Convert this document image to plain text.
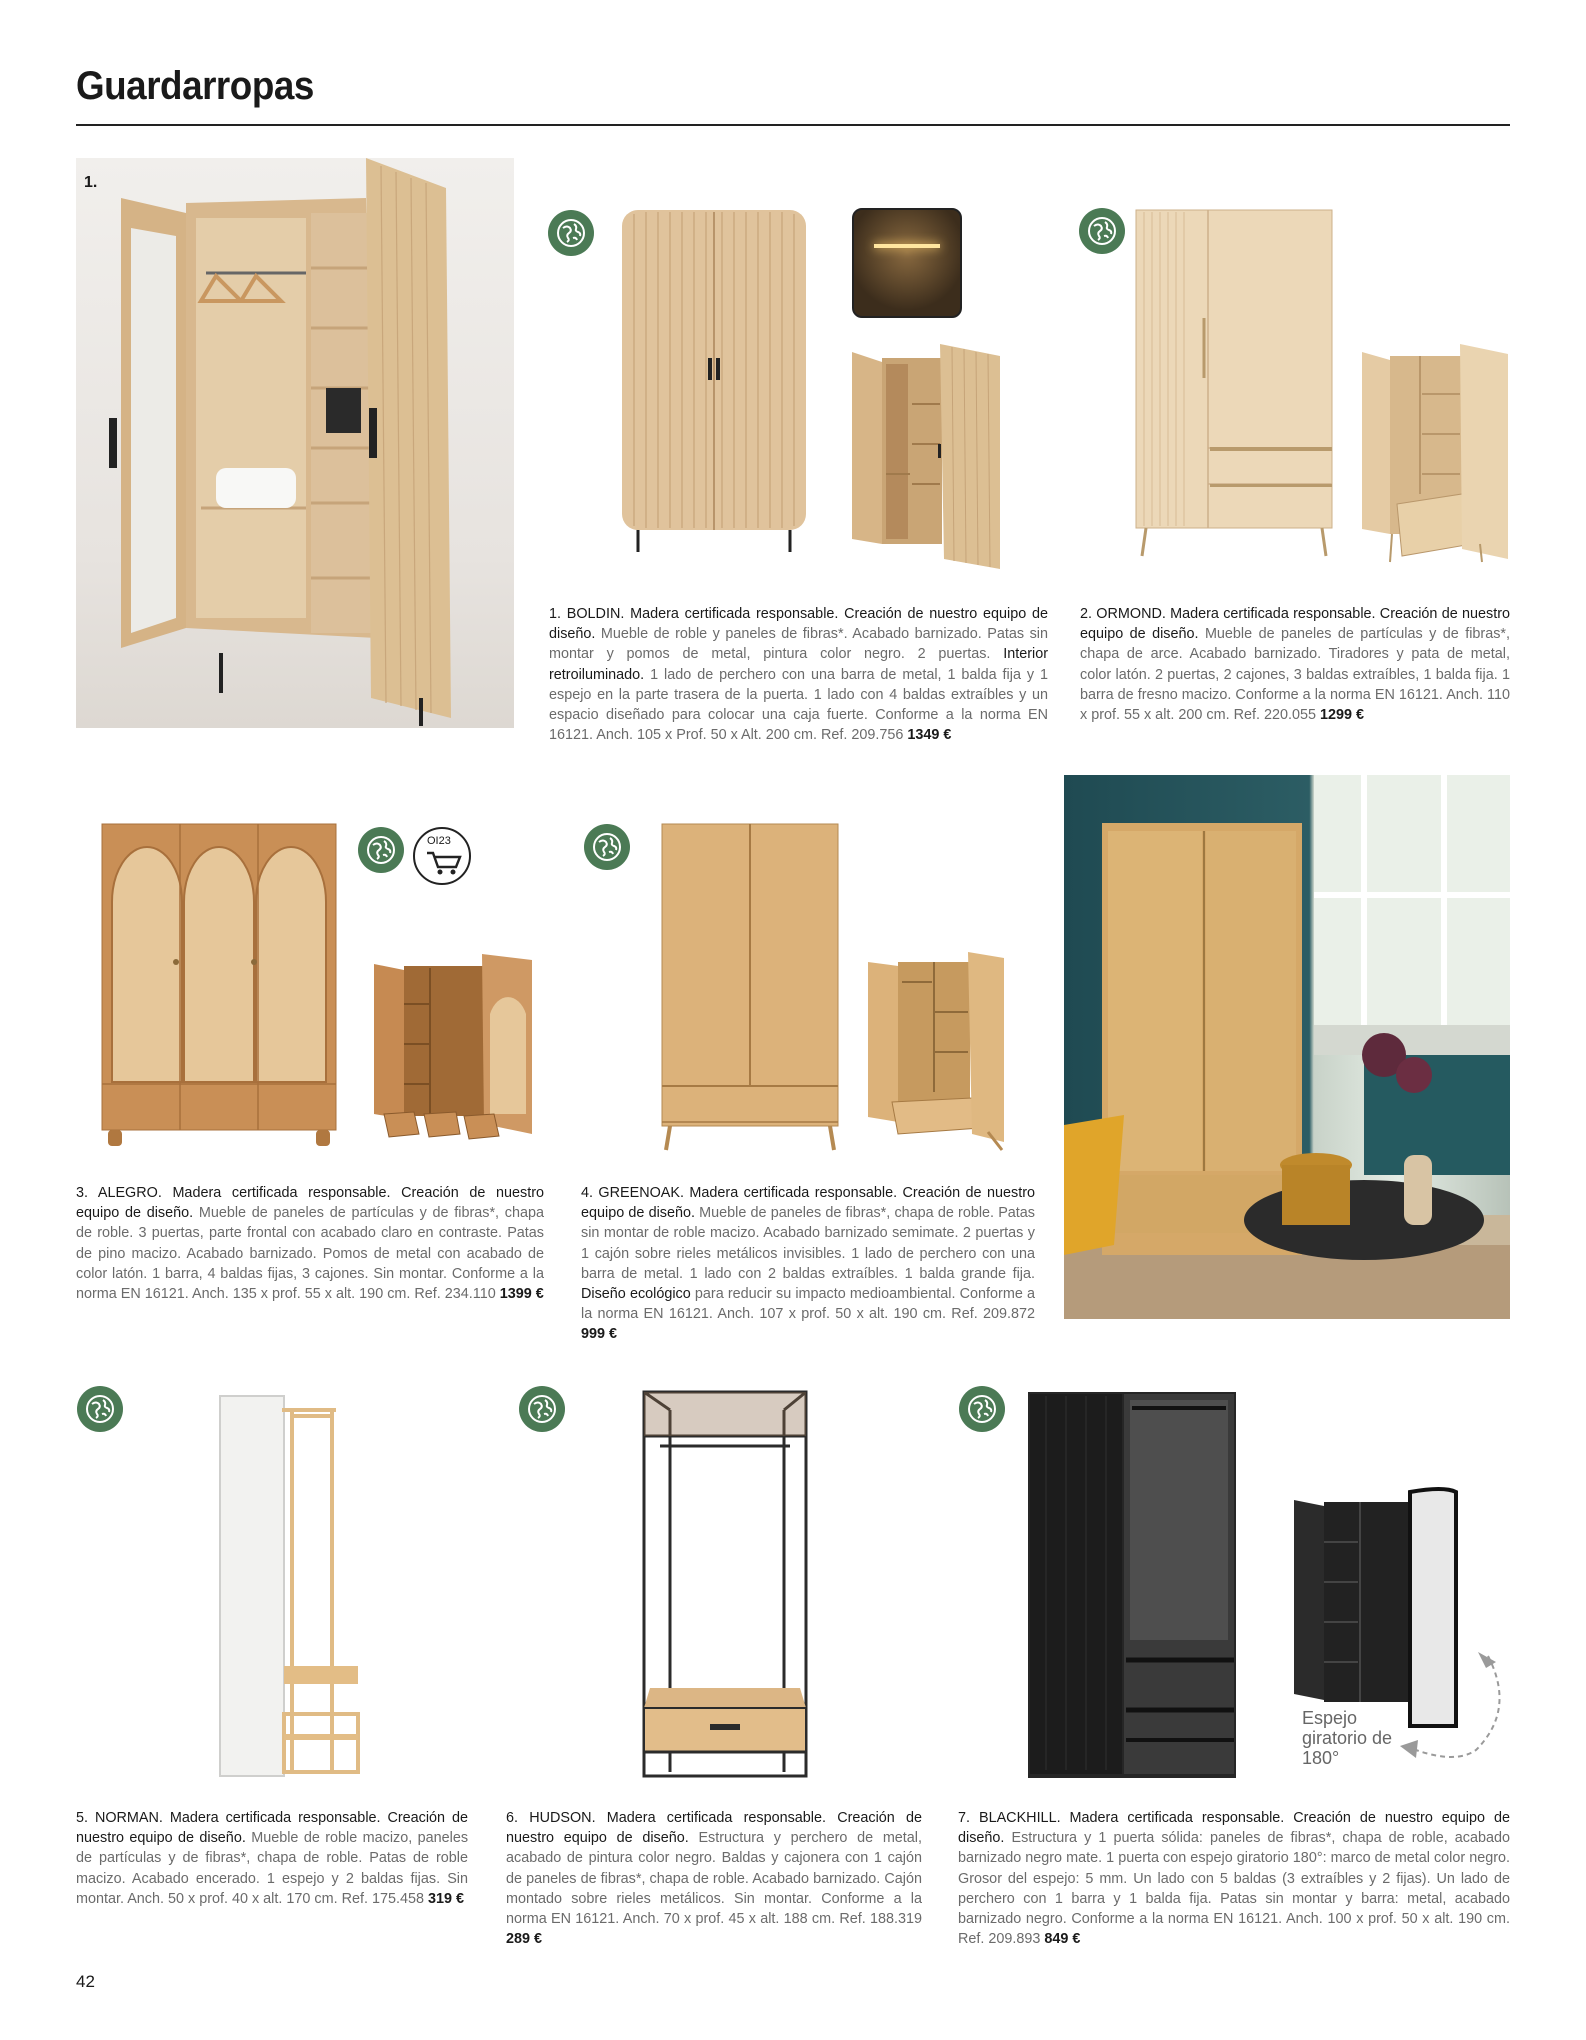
Guardarropas
1.
1. BOLDIN. Madera certificada responsable. Creación de nuestro equipo de diseño. Mueble de roble y paneles de fibras*. Acabado barnizado. Patas sin montar y pomos de metal, pintura color negro. 2 puertas. Interior retroiluminado. 1 lado de perchero con una barra de metal, 1 balda fija y 1 espejo en la parte trasera de la puerta. 1 lado con 4 baldas extraíbles y un espacio diseñado para colocar una caja fuerte. Conforme a la norma EN 16121. Anch. 105 x Prof. 50 x Alt. 200 cm. Ref. 209.756 1349 €
2. ORMOND. Madera certificada responsable. Creación de nuestro equipo de diseño. Mueble de paneles de partículas y de fibras*, chapa de arce. Acabado barnizado. Tiradores y pata de metal, color latón. 2 puertas, 2 cajones, 3 baldas extraíbles, 1 balda fija. 1 barra de fresno macizo. Conforme a la norma EN 16121. Anch. 110 x prof. 55 x alt. 200 cm. Ref. 220.055 1299 €
OI23
3. ALEGRO. Madera certificada responsable. Creación de nuestro equipo de diseño. Mueble de paneles de partículas y de fibras*, chapa de roble. 3 puertas, parte frontal con acabado claro en contraste. Patas de pino macizo. Acabado barnizado. Pomos de metal con acabado de color latón. 1 barra, 4 baldas fijas, 3 cajones. Sin montar. Conforme a la norma EN 16121. Anch. 135 x prof. 55 x alt. 190 cm. Ref. 234.110 1399 €
4. GREENOAK. Madera certificada responsable. Creación de nuestro equipo de diseño. Mueble de paneles de fibras*, chapa de roble. Patas sin montar de roble macizo. Acabado barnizado semimate. 2 puertas y 1 cajón sobre rieles metálicos invisibles. 1 lado de perchero con una barra de metal. 1 lado con 2 baldas extraíbles. 1 balda grande fija. Diseño ecológico para reducir su impacto medioambiental. Conforme a la norma EN 16121. Anch. 107 x prof. 50 x alt. 190 cm. Ref. 209.872 999 €
5. NORMAN. Madera certificada responsable. Creación de nuestro equipo de diseño. Mueble de roble macizo, paneles de partículas y de fibras*, chapa de roble. Patas de roble macizo. Acabado encerado. 1 espejo y 2 baldas fijas. Sin montar. Anch. 50 x prof. 40 x alt. 170 cm. Ref. 175.458 319 €
6. HUDSON. Madera certificada responsable. Creación de nuestro equipo de diseño. Estructura y perchero de metal, acabado de pintura color negro. Baldas y cajonera con 1 cajón de paneles de fibras*, chapa de roble. Acabado barnizado. Cajón montado sobre rieles metálicos. Sin montar. Conforme a la norma EN 16121. Anch. 70 x prof. 45 x alt. 188 cm. Ref. 188.319 289 €
Espejo
giratorio de
180°
7. BLACKHILL. Madera certificada responsable. Creación de nuestro equipo de diseño. Estructura y 1 puerta sólida: paneles de fibras*, chapa de roble, acabado barnizado negro mate. 1 puerta con espejo giratorio 180°: marco de metal color negro. Grosor del espejo: 5 mm. Un lado con 5 baldas (3 extraíbles y 2 fijas). Un lado de perchero con 1 barra y 1 balda fija. Patas sin montar y barra: metal, acabado barnizado negro. Conforme a la norma EN 16121. Anch. 100 x prof. 50 x alt. 190 cm. Ref. 209.893 849 €
42
